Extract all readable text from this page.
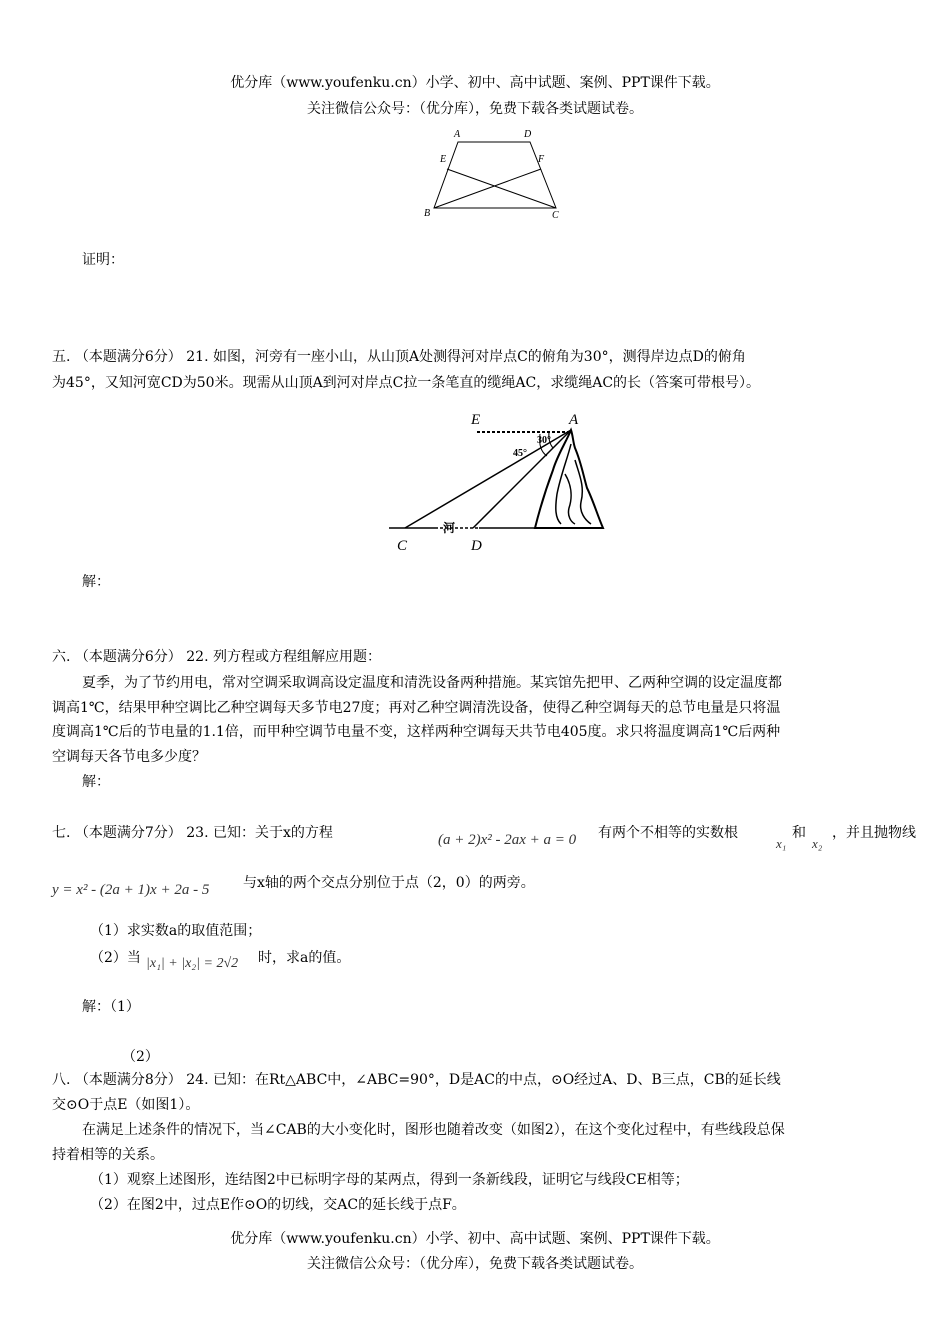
优分库（www.youfenku.cn）小学、初中、高中试题、案例、PPT课件下载。
关注微信公众号：（优分库），免费下载各类试题试卷。
A	D
E	F
B	C
证明：
五. （本题满分6分） 21. 如图，河旁有一座小山，从山顶A处测得河对岸点C的俯角为30°，测得岸边点D的俯角
为45°，又知河宽CD为50米。现需从山顶A到河对岸点C拉一条笔直的缆绳AC，求缆绳AC的长（答案可带根号）。
E	A
30°
45°
河
C	D
解：
六. （本题满分6分） 22. 列方程或方程组解应用题：
夏季，为了节约用电，常对空调采取调高设定温度和清洗设备两种措施。某宾馆先把甲、乙两种空调的设定温度都
调高1℃，结果甲种空调比乙种空调每天多节电27度；再对乙种空调清洗设备，使得乙种空调每天的总节电量是只将温
度调高1℃后的节电量的1.1倍，而甲种空调节电量不变，这样两种空调每天共节电405度。求只将温度调高1℃后两种
空调每天各节电多少度？
解：
七. （本题满分7分） 23. 已知：关于x的方程	(a + 2)x² - 2ax + a = 0 有两个不相等的实数根
x₁
和
x₂
，并且抛物线
y = x² - (2a + 1)x + 2a - 5 与x轴的两个交点分别位于点（2，0）的两旁。
（1）求实数a的取值范围；
（2）当 |x₁| + |x₂| = 2√2 时，求a的值。
解：（1）
（2）
八. （本题满分8分） 24. 已知：在Rt△ABC中，∠ABC=90°，D是AC的中点，⊙O经过A、D、B三点，CB的延长线
交⊙O于点E（如图1）。
在满足上述条件的情况下，当∠CAB的大小变化时，图形也随着改变（如图2），在这个变化过程中，有些线段总保
持着相等的关系。
（1）观察上述图形，连结图2中已标明字母的某两点，得到一条新线段，证明它与线段CE相等；
（2）在图2中，过点E作⊙O的切线，交AC的延长线于点F。
优分库（www.youfenku.cn）小学、初中、高中试题、案例、PPT课件下载。
关注微信公众号：（优分库），免费下载各类试题试卷。
